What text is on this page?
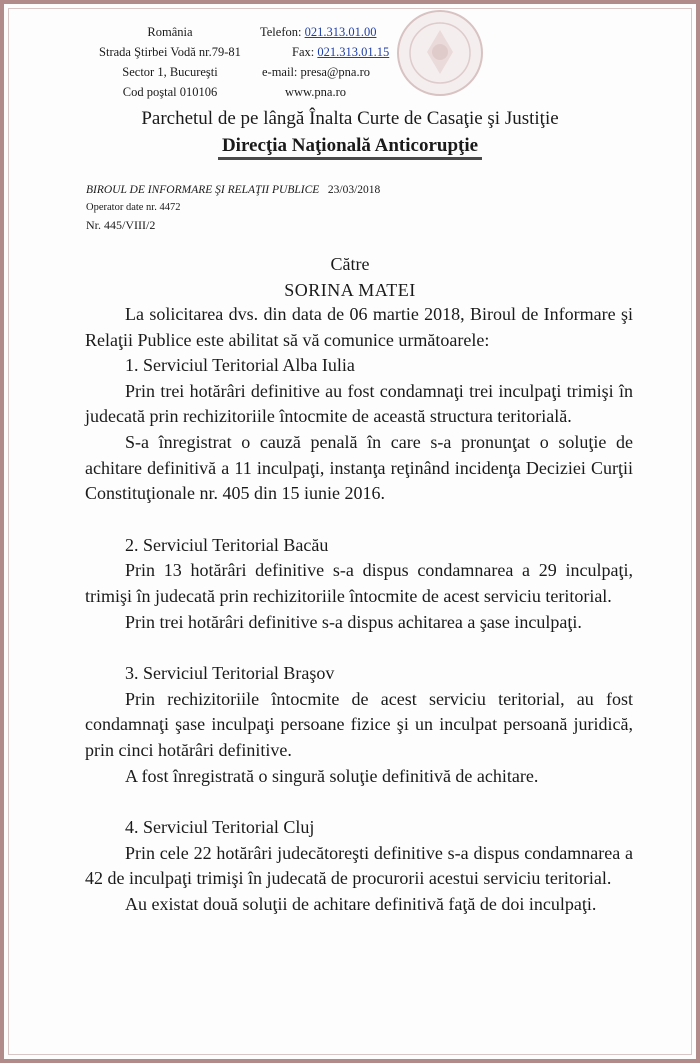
România
Strada Ştirbei Vodă nr.79-81
Sector 1, Bucureşti
Cod poştal 010106
Telefon: 021.313.01.00
Fax: 021.313.01.15
e-mail: presa@pna.ro
www.pna.ro
Parchetul de pe lângă Înalta Curte de Casaţie şi Justiţie
Direcţia Naţională Anticorupţie
BIROUL DE INFORMARE ŞI RELAŢII PUBLICE 23/03/2018
Operator date nr. 4472
Nr. 445/VIII/2
Către
SORINA MATEI

La solicitarea dvs. din data de 06 martie 2018, Biroul de Informare şi Relaţii Publice este abilitat să vă comunice următoarele:

1. Serviciul Teritorial Alba Iulia

Prin trei hotărâri definitive au fost condamnaţi trei inculpaţi trimişi în judecată prin rechizitoriile întocmite de această structura teritorială.

S-a înregistrat o cauză penală în care s-a pronunţat o soluţie de achitare definitivă a 11 inculpaţi, instanţa reţinând incidenţa Deciziei Curţii Constituţionale nr. 405 din 15 iunie 2016.

2. Serviciul Teritorial Bacău

Prin 13 hotărâri definitive s-a dispus condamnarea a 29 inculpaţi, trimişi în judecată prin rechizitoriile întocmite de acest serviciu teritorial.

Prin trei hotărâri definitive s-a dispus achitarea a şase inculpaţi.

3. Serviciul Teritorial Braşov

Prin rechizitoriile întocmite de acest serviciu teritorial, au fost condamnaţi şase inculpaţi persoane fizice şi un inculpat persoană juridică, prin cinci hotărâri definitive.

A fost înregistrată o singură soluţie definitivă de achitare.

4. Serviciul Teritorial Cluj

Prin cele 22 hotărâri judecătoreşti definitive s-a dispus condamnarea a 42 de inculpaţi trimişi în judecată de procurorii acestui serviciu teritorial.

Au existat două soluţii de achitare definitivă faţă de doi inculpaţi.
